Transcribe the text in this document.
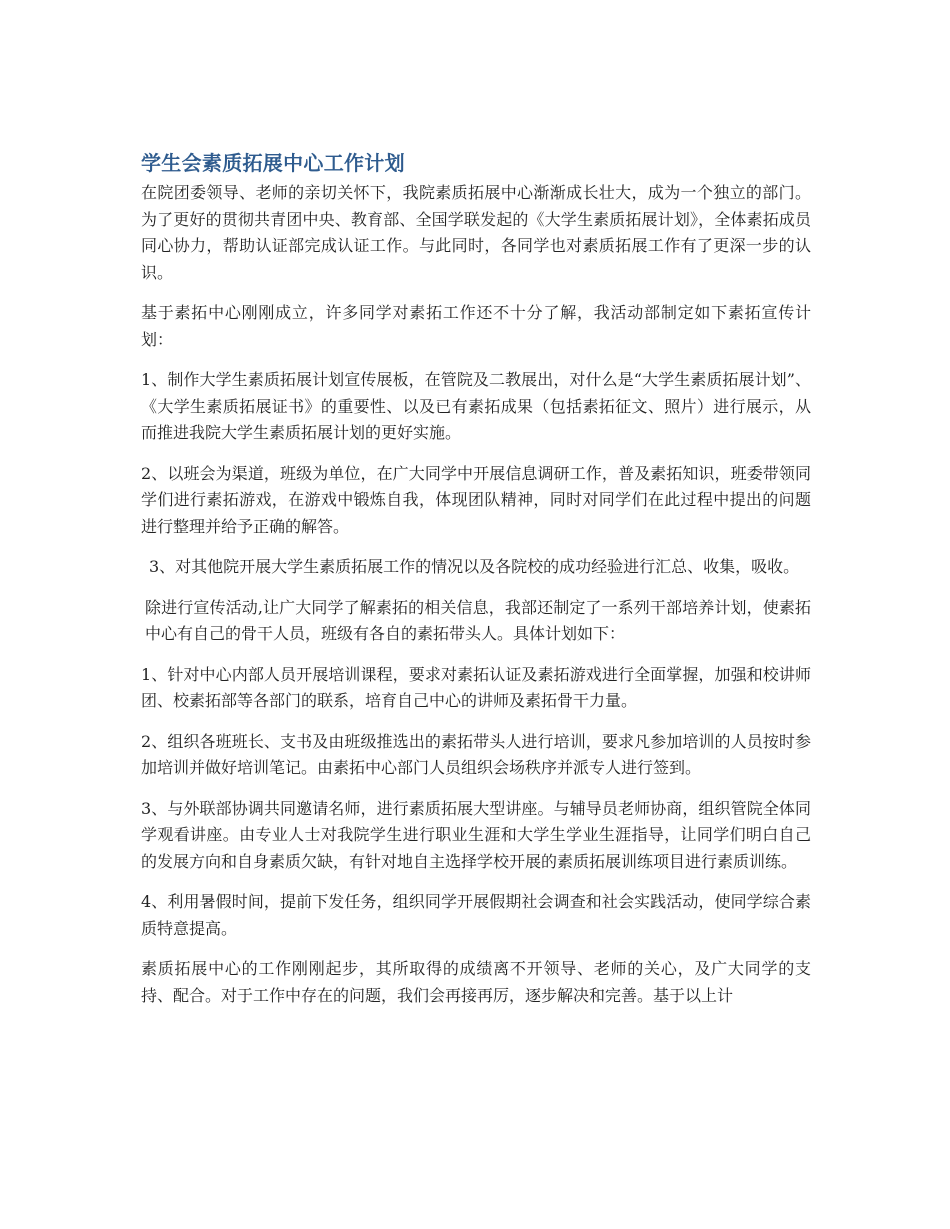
学生会素质拓展中心工作计划

在院团委领导、老师的亲切关怀下，我院素质拓展中心渐渐成长壮大，成为一个独立的部门。为了更好的贯彻共青团中央、教育部、全国学联发起的《大学生素质拓展计划》，全体素拓成员同心协力，帮助认证部完成认证工作。与此同时，各同学也对素质拓展工作有了更深一步的认识。

基于素拓中心刚刚成立，许多同学对素拓工作还不十分了解，我活动部制定如下素拓宣传计划：

1、制作大学生素质拓展计划宣传展板，在管院及二教展出，对什么是“大学生素质拓展计划”、《大学生素质拓展证书》的重要性、以及已有素拓成果（包括素拓征文、照片）进行展示，从而推进我院大学生素质拓展计划的更好实施。

2、以班会为渠道，班级为单位，在广大同学中开展信息调研工作，普及素拓知识，班委带领同学们进行素拓游戏，在游戏中锻炼自我，体现团队精神，同时对同学们在此过程中提出的问题进行整理并给予正确的解答。

3、对其他院开展大学生素质拓展工作的情况以及各院校的成功经验进行汇总、收集，吸收。

除进行宣传活动,让广大同学了解素拓的相关信息，我部还制定了一系列干部培养计划，使素拓中心有自己的骨干人员，班级有各自的素拓带头人。具体计划如下：

1、针对中心内部人员开展培训课程，要求对素拓认证及素拓游戏进行全面掌握，加强和校讲师团、校素拓部等各部门的联系，培育自己中心的讲师及素拓骨干力量。

2、组织各班班长、支书及由班级推选出的素拓带头人进行培训，要求凡参加培训的人员按时参加培训并做好培训笔记。由素拓中心部门人员组织会场秩序并派专人进行签到。

3、与外联部协调共同邀请名师，进行素质拓展大型讲座。与辅导员老师协商，组织管院全体同学观看讲座。由专业人士对我院学生进行职业生涯和大学生学业生涯指导，让同学们明白自己的发展方向和自身素质欠缺，有针对地自主选择学校开展的素质拓展训练项目进行素质训练。

4、利用暑假时间，提前下发任务，组织同学开展假期社会调查和社会实践活动，使同学综合素质特意提高。

素质拓展中心的工作刚刚起步，其所取得的成绩离不开领导、老师的关心，及广大同学的支持、配合。对于工作中存在的问题，我们会再接再厉，逐步解决和完善。基于以上计
